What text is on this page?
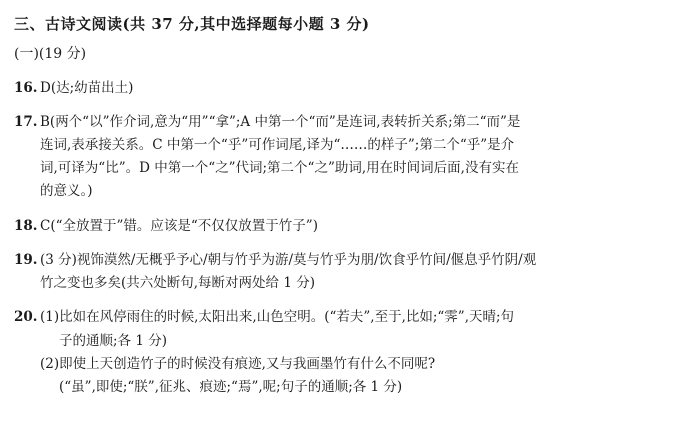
三、古诗文阅读(共 37 分,其中选择题每小题 3 分)
(一)(19 分)
16. D(达;幼苗出土)
17. B(两个“以”作介词,意为“用”“拿”;A 中第一个“而”是连词,表转折关系;第二“而”是
连词,表承接关系。C 中第一个“乎”可作词尾,译为“……的样子”;第二个“乎”是介
词,可译为“比”。D 中第一个“之”代词;第二个“之”助词,用在时间词后面,没有实在
的意义。)
18. C(“全放置于”错。应该是“不仅仅放置于竹子”)
19. (3 分)视饰漠然/无概乎予心/朝与竹乎为游/莫与竹乎为朋/饮食乎竹间/偃息乎竹阴/观
竹之变也多矣(共六处断句,每断对两处给 1 分)
20. (1)比如在风停雨住的时候,太阳出来,山色空明。(“若夫”,至于,比如;“霁”,天晴;句
子的通顺;各 1 分)
(2)即使上天创造竹子的时候没有痕迹,又与我画墨竹有什么不同呢?
(“虽”,即使;“朕”,征兆、痕迹;“焉”,呢;句子的通顺;各 1 分)
